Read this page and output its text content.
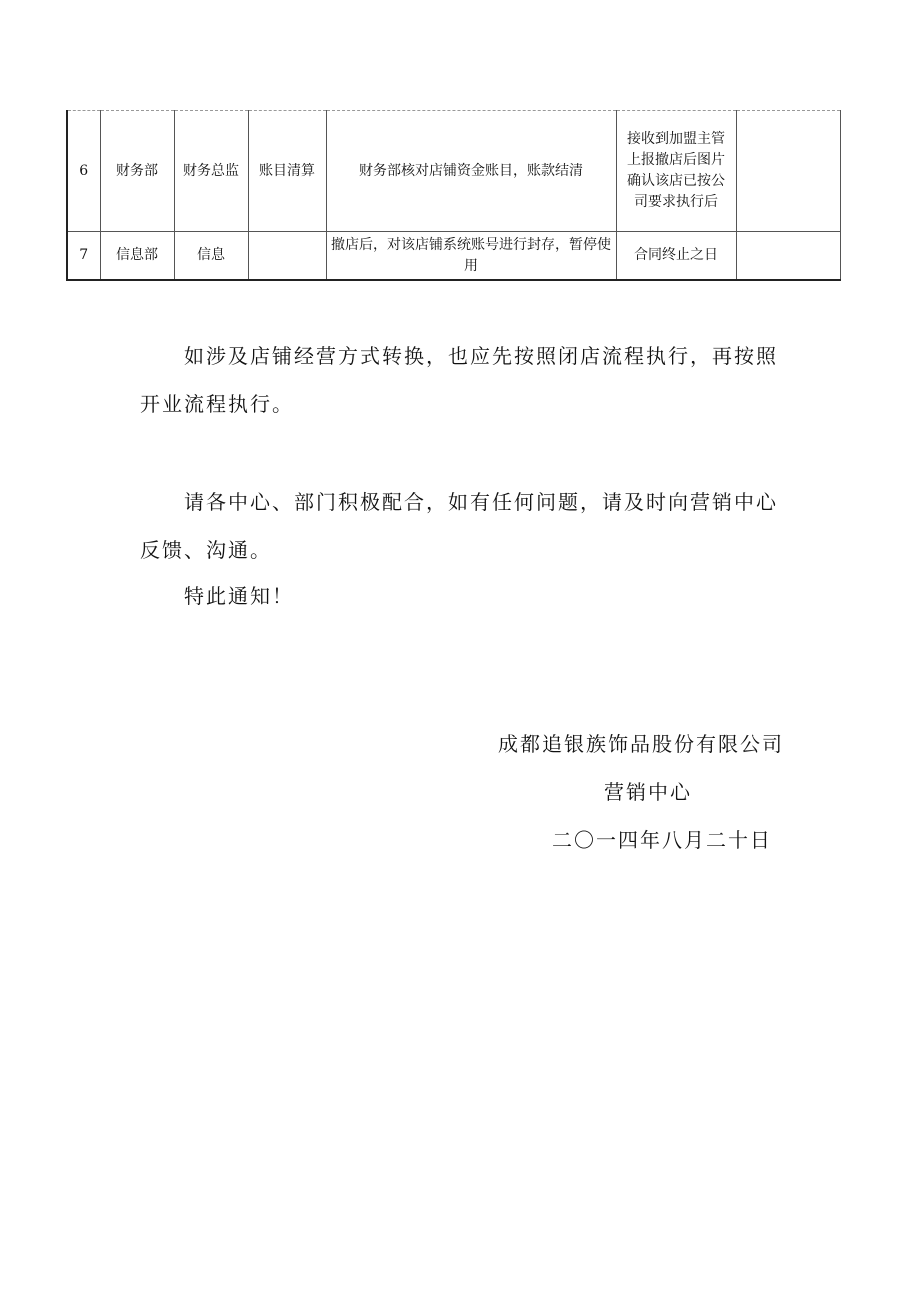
6	财务部	财务总监	账目清算	财务部核对店铺资金账目，账款结清	接收到加盟主管上报撤店后图片确认该店已按公司要求执行后	
7	信息部	信息		撤店后，对该店铺系统账号进行封存，暂停使用	合同终止之日	

如涉及店铺经营方式转换，也应先按照闭店流程执行，再按照开业流程执行。

请各中心、部门积极配合，如有任何问题，请及时向营销中心反馈、沟通。

特此通知！

成都追银族饰品股份有限公司

营销中心

二〇一四年八月二十日
